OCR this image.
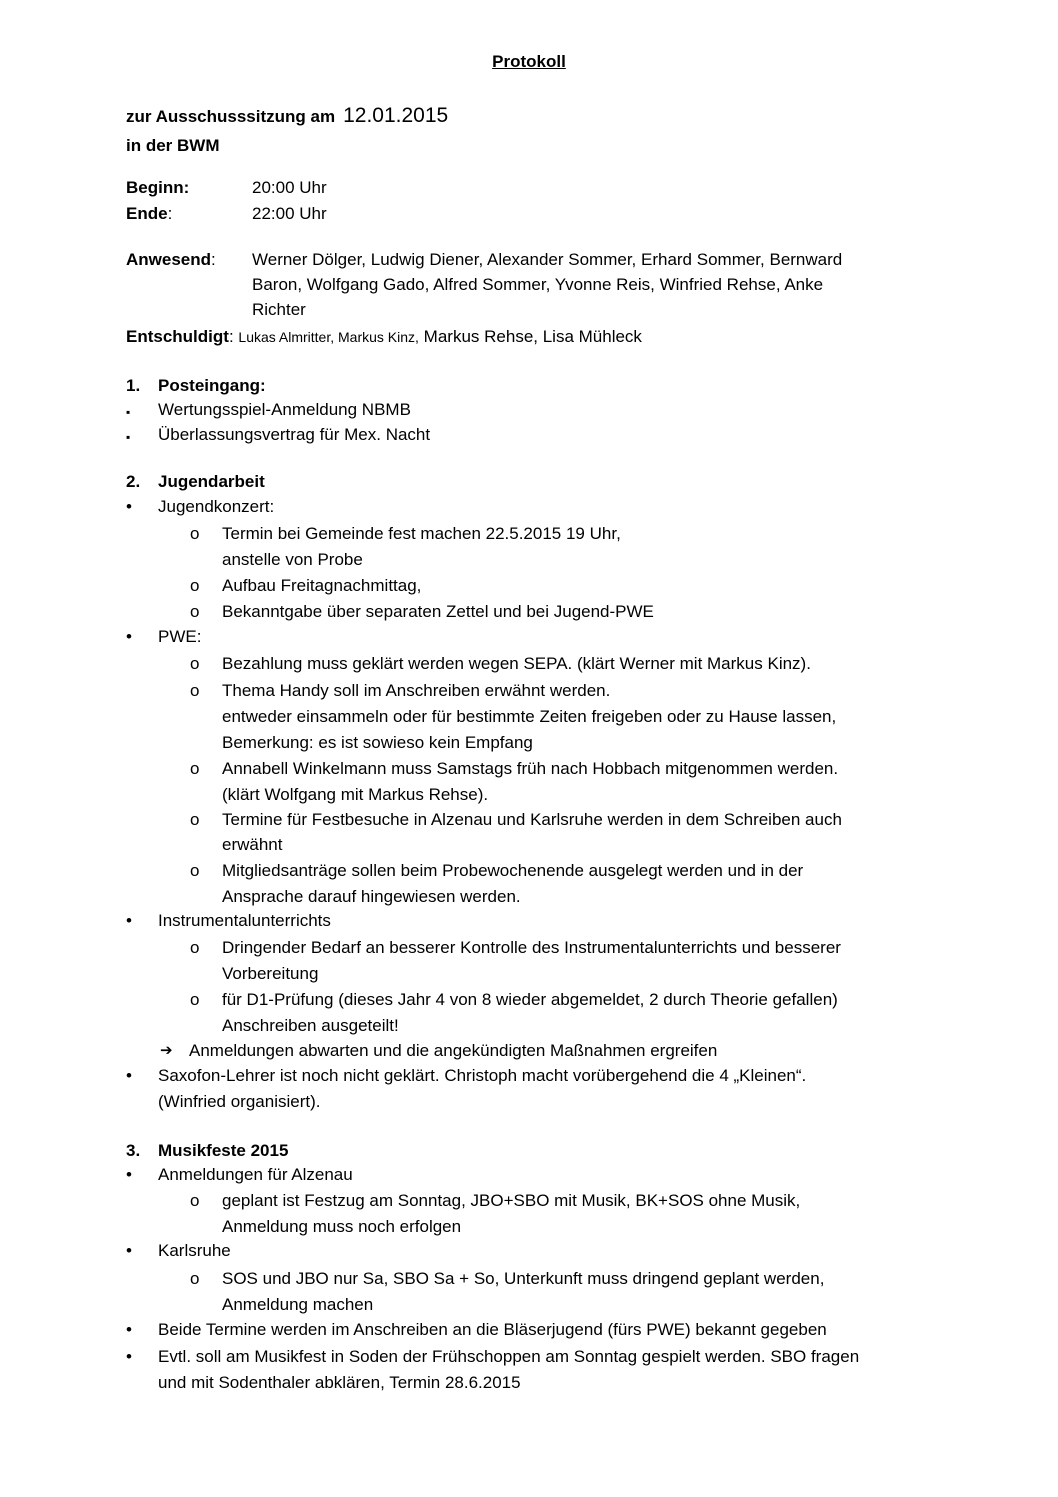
Protokoll
zur Ausschusssitzung am 12.01.2015
in der BWM
Beginn:	20:00 Uhr
Ende:	22:00 Uhr
Anwesend: Werner Dölger, Ludwig Diener, Alexander Sommer, Erhard Sommer, Bernward
Baron, Wolfgang Gado, Alfred Sommer, Yvonne Reis, Winfried Rehse, Anke
Richter
Entschuldigt: Lukas Almritter, Markus Kinz, Markus Rehse, Lisa Mühleck
1. Posteingang:
▪ Wertungsspiel-Anmeldung NBMB
▪ Überlassungsvertrag für Mex. Nacht
2. Jugendarbeit
• Jugendkonzert:
o Termin bei Gemeinde fest machen 22.5.2015 19 Uhr,
anstelle von Probe
o Aufbau Freitagnachmittag,
o Bekanntgabe über separaten Zettel und bei Jugend-PWE
• PWE:
o Bezahlung muss geklärt werden wegen SEPA. (klärt Werner mit Markus Kinz).
o Thema Handy soll im Anschreiben erwähnt werden.
entweder einsammeln oder für bestimmte Zeiten freigeben oder zu Hause lassen,
Bemerkung: es ist sowieso kein Empfang
o Annabell Winkelmann muss Samstags früh nach Hobbach mitgenommen werden.
(klärt Wolfgang mit Markus Rehse).
o Termine für Festbesuche in Alzenau und Karlsruhe werden in dem Schreiben auch
erwähnt
o Mitgliedsanträge sollen beim Probewochenende ausgelegt werden und in der
Ansprache darauf hingewiesen werden.
• Instrumentalunterrichts
o Dringender Bedarf an besserer Kontrolle des Instrumentalunterrichts und besserer
Vorbereitung
o für D1-Prüfung (dieses Jahr 4 von 8 wieder abgemeldet, 2 durch Theorie gefallen)
Anschreiben ausgeteilt!
➔ Anmeldungen abwarten und die angekündigten Maßnahmen ergreifen
• Saxofon-Lehrer ist noch nicht geklärt. Christoph macht vorübergehend die 4 „Kleinen“.
(Winfried organisiert).
3. Musikfeste 2015
• Anmeldungen für Alzenau
o geplant ist Festzug am Sonntag, JBO+SBO mit Musik, BK+SOS ohne Musik,
Anmeldung muss noch erfolgen
• Karlsruhe
o SOS und JBO nur Sa, SBO Sa + So, Unterkunft muss dringend geplant werden,
Anmeldung machen
• Beide Termine werden im Anschreiben an die Bläserjugend (fürs PWE) bekannt gegeben
• Evtl. soll am Musikfest in Soden der Frühschoppen am Sonntag gespielt werden. SBO fragen
und mit Sodenthaler abklären, Termin 28.6.2015
